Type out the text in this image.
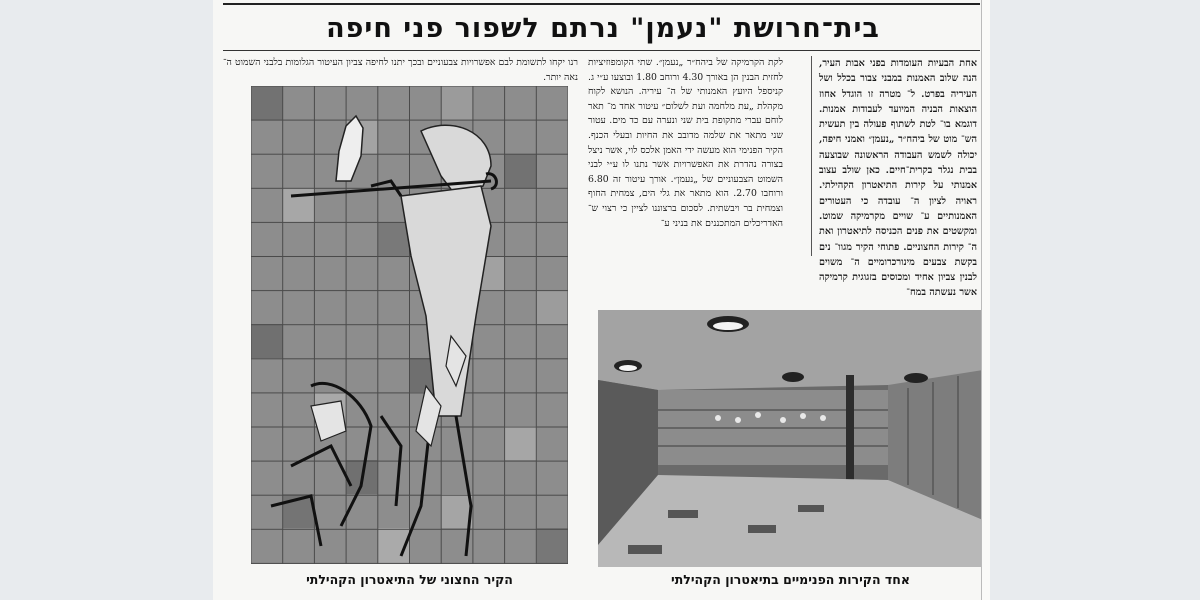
בית־חרושת "נעמן" נרתם לשפור פני חיפה
אחת הבעיות העומדות בפני אבות העיר, הנה שלוב האמנות במבני צבור בכלל ושל העיריה בפרט. ל־ מטרה זו הוגדל אחוז הוצאות הבניה המיועד לעבודות אמנות. דוגמא בו־ לטת לשתוף פעולה בין תעשית הש־ מוט של ביהח״ר „נעמן״ ואמני חיפה, יכולה לשמש העבודה הראשונה שבוצעה בבית נגלר בקרית־חיים. כאן שולב עצוב אמנותי על קירות התיאטרון הקהילתי. ראויה לציון ה־ עובדה כי העטורים האמנותיים ע־ שויים מקרמיקה שמוט. ומקשטים את פנים הכניסה לתיאטרון ואת ה־ קירות החצוניים. פתוחי הקיר מגוו־ נים בקשת צבעים מינורכרומיים ה־ משוים לבנין צביון אחיד ומכוסים בזגוגית קרמיקה אשר נעשתה במח־
לקת הקרמיקה של ביהח״ר „נעמן״. שתי הקומפוזיציות לחזית הבנין הן באורך 4.30 ורוחב 1.80 ובוצעו ע״י ג. קניספל היועץ האמנותי של ה־ עיריה. הנושא לקוח מקהלת „עת מלחמה ועת לשלום״ עיטור אחד מ־ תאר לוחם עברי מתקופת בית שני ונערה עם כד מים. עטור שני מתאר את שלמה מדובב את החיות ובעלי הכנף. הקיר הפנימי הוא מעשה ידי האמן אלכס לוי, אשר ניצל בצורה נהדרת את האפשרויות אשר נתנו לו ע״י לבני השמוט הצבעוניים של „נעמן״. אורך עיטור זה 6.80 ורוחבו 2.70. הוא מתאר את גלי הים, צמחית החוף וצמחית בר ויבשתית. לסכום ברצוננו לציין כי רצוי ש־ האדריכלים המתכננים את בניני ע־
רנו יקחו לתשומת לבם אפשרויות צבעוניים ובכך יתנו לחיפה צביון העיטור הגלומות בלבני השמוט ה־ נאה יותר.
הקיר החצוני של התיאטרון הקהילתי	אחד הקירות הפנימיים בתיאטרון הקהילתי
